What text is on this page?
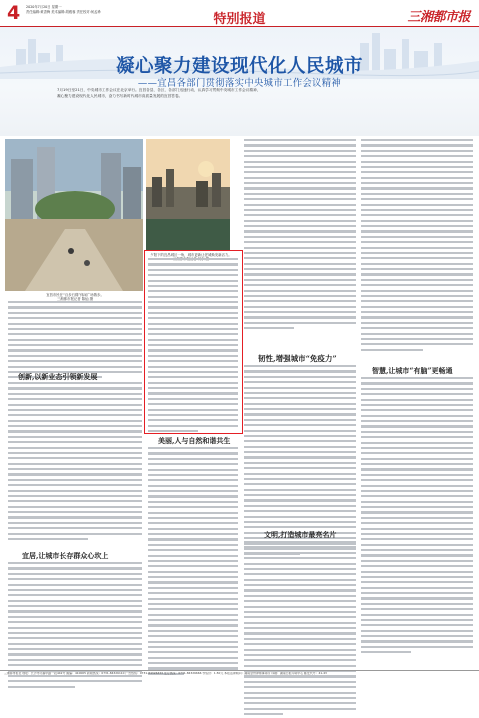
4 2020年7月20日 星期一
责任编辑:黄香梅 美术编辑:胡雅蓉 责任校对:何孟珍
特别报道	三湘都市报
凝心聚力建设现代化人民城市
——宜昌各部门贯彻落实中央城市工作会议精神
7月19日至21日，中央城市工作会议在北京举行。宜昌各县、各区、各部门迅速行动，认真学习贯彻中央城市工作会议精神，
凝心聚力建设现代化人民城市，奋力书写新时代城市高质量发展的宜昌答卷。
宜昌市民在“百步石梯”休闲广场散步。
三湘都市报记者 陈灿 摄
夕阳下的宜昌城区一角，城市更新让老城焕发新活力。

创新,以新业态引领新发展
宜居,让城市长存群众心坎上
美丽,人与自然和谐共生
韧性,增强城市“免疫力”
文明,打造城市最亮名片
智慧,让城市“有脑”更畅通
三湘都市报社 地址：长沙市芙蓉中路一段442号 邮编：410005 新闻热线：0731-84326110 广告热线：0731-84326333 发行热线：0731-84326666 零售价：1.50元 本报法律顾问：湖南金州律师事务所 印刷：湖南日报印务中心 邮发代号：41-43
